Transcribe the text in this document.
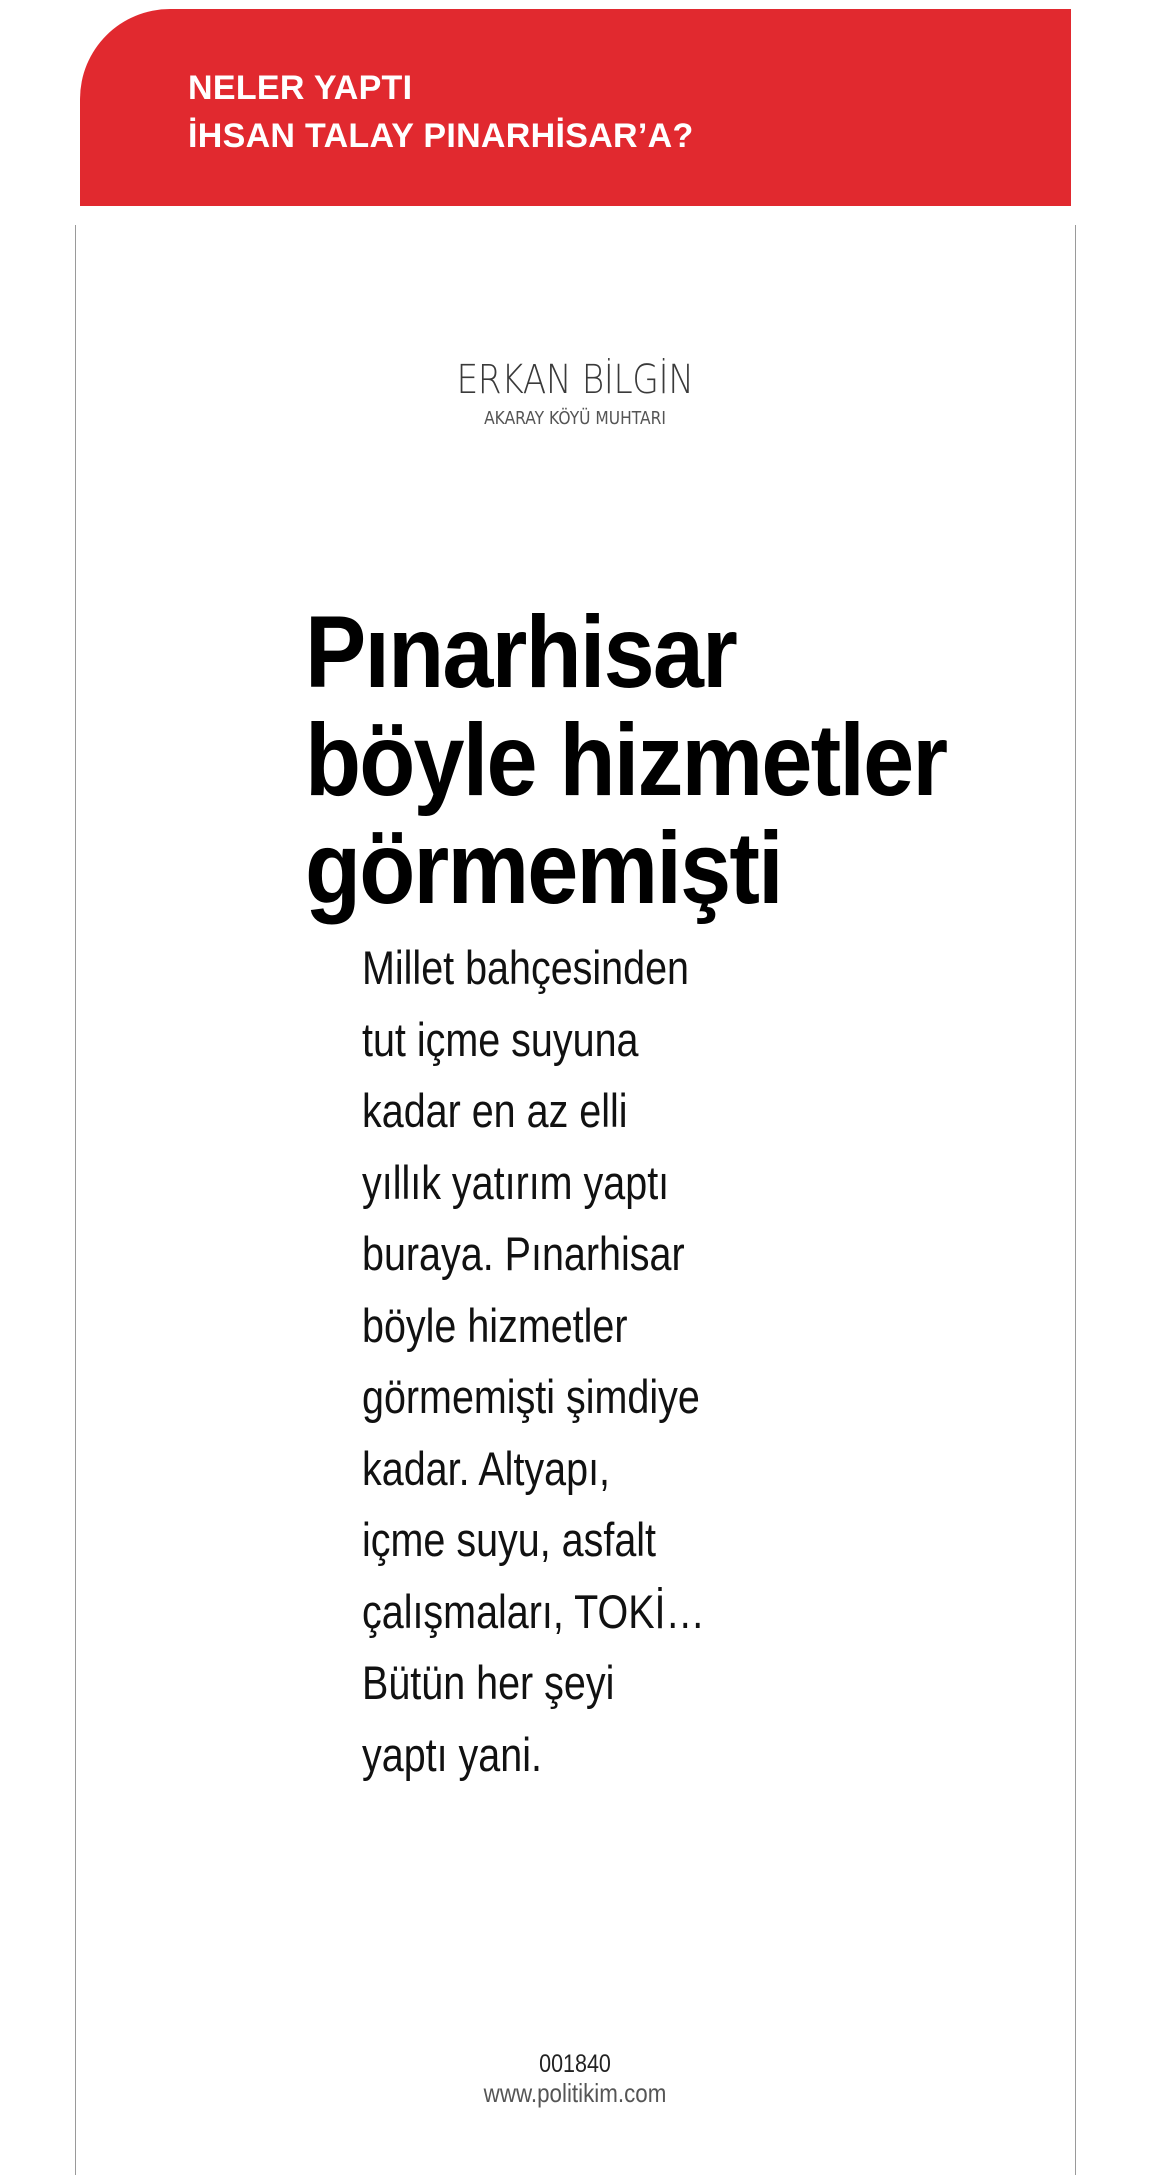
NELER YAPTI
İHSAN TALAY PINARHİSAR’A?
ERKAN BİLGİN
AKARAY KÖYÜ MUHTARI
Pınarhisar
böyle hizmetler
görmemişti

Millet bahçesinden
tut içme suyuna
kadar en az elli
yıllık yatırım yaptı
buraya. Pınarhisar
böyle hizmetler
görmemişti şimdiye
kadar. Altyapı,
içme suyu, asfalt
çalışmaları, TOKİ…
Bütün her şeyi
yaptı yani.

001840
www.politikim.com
